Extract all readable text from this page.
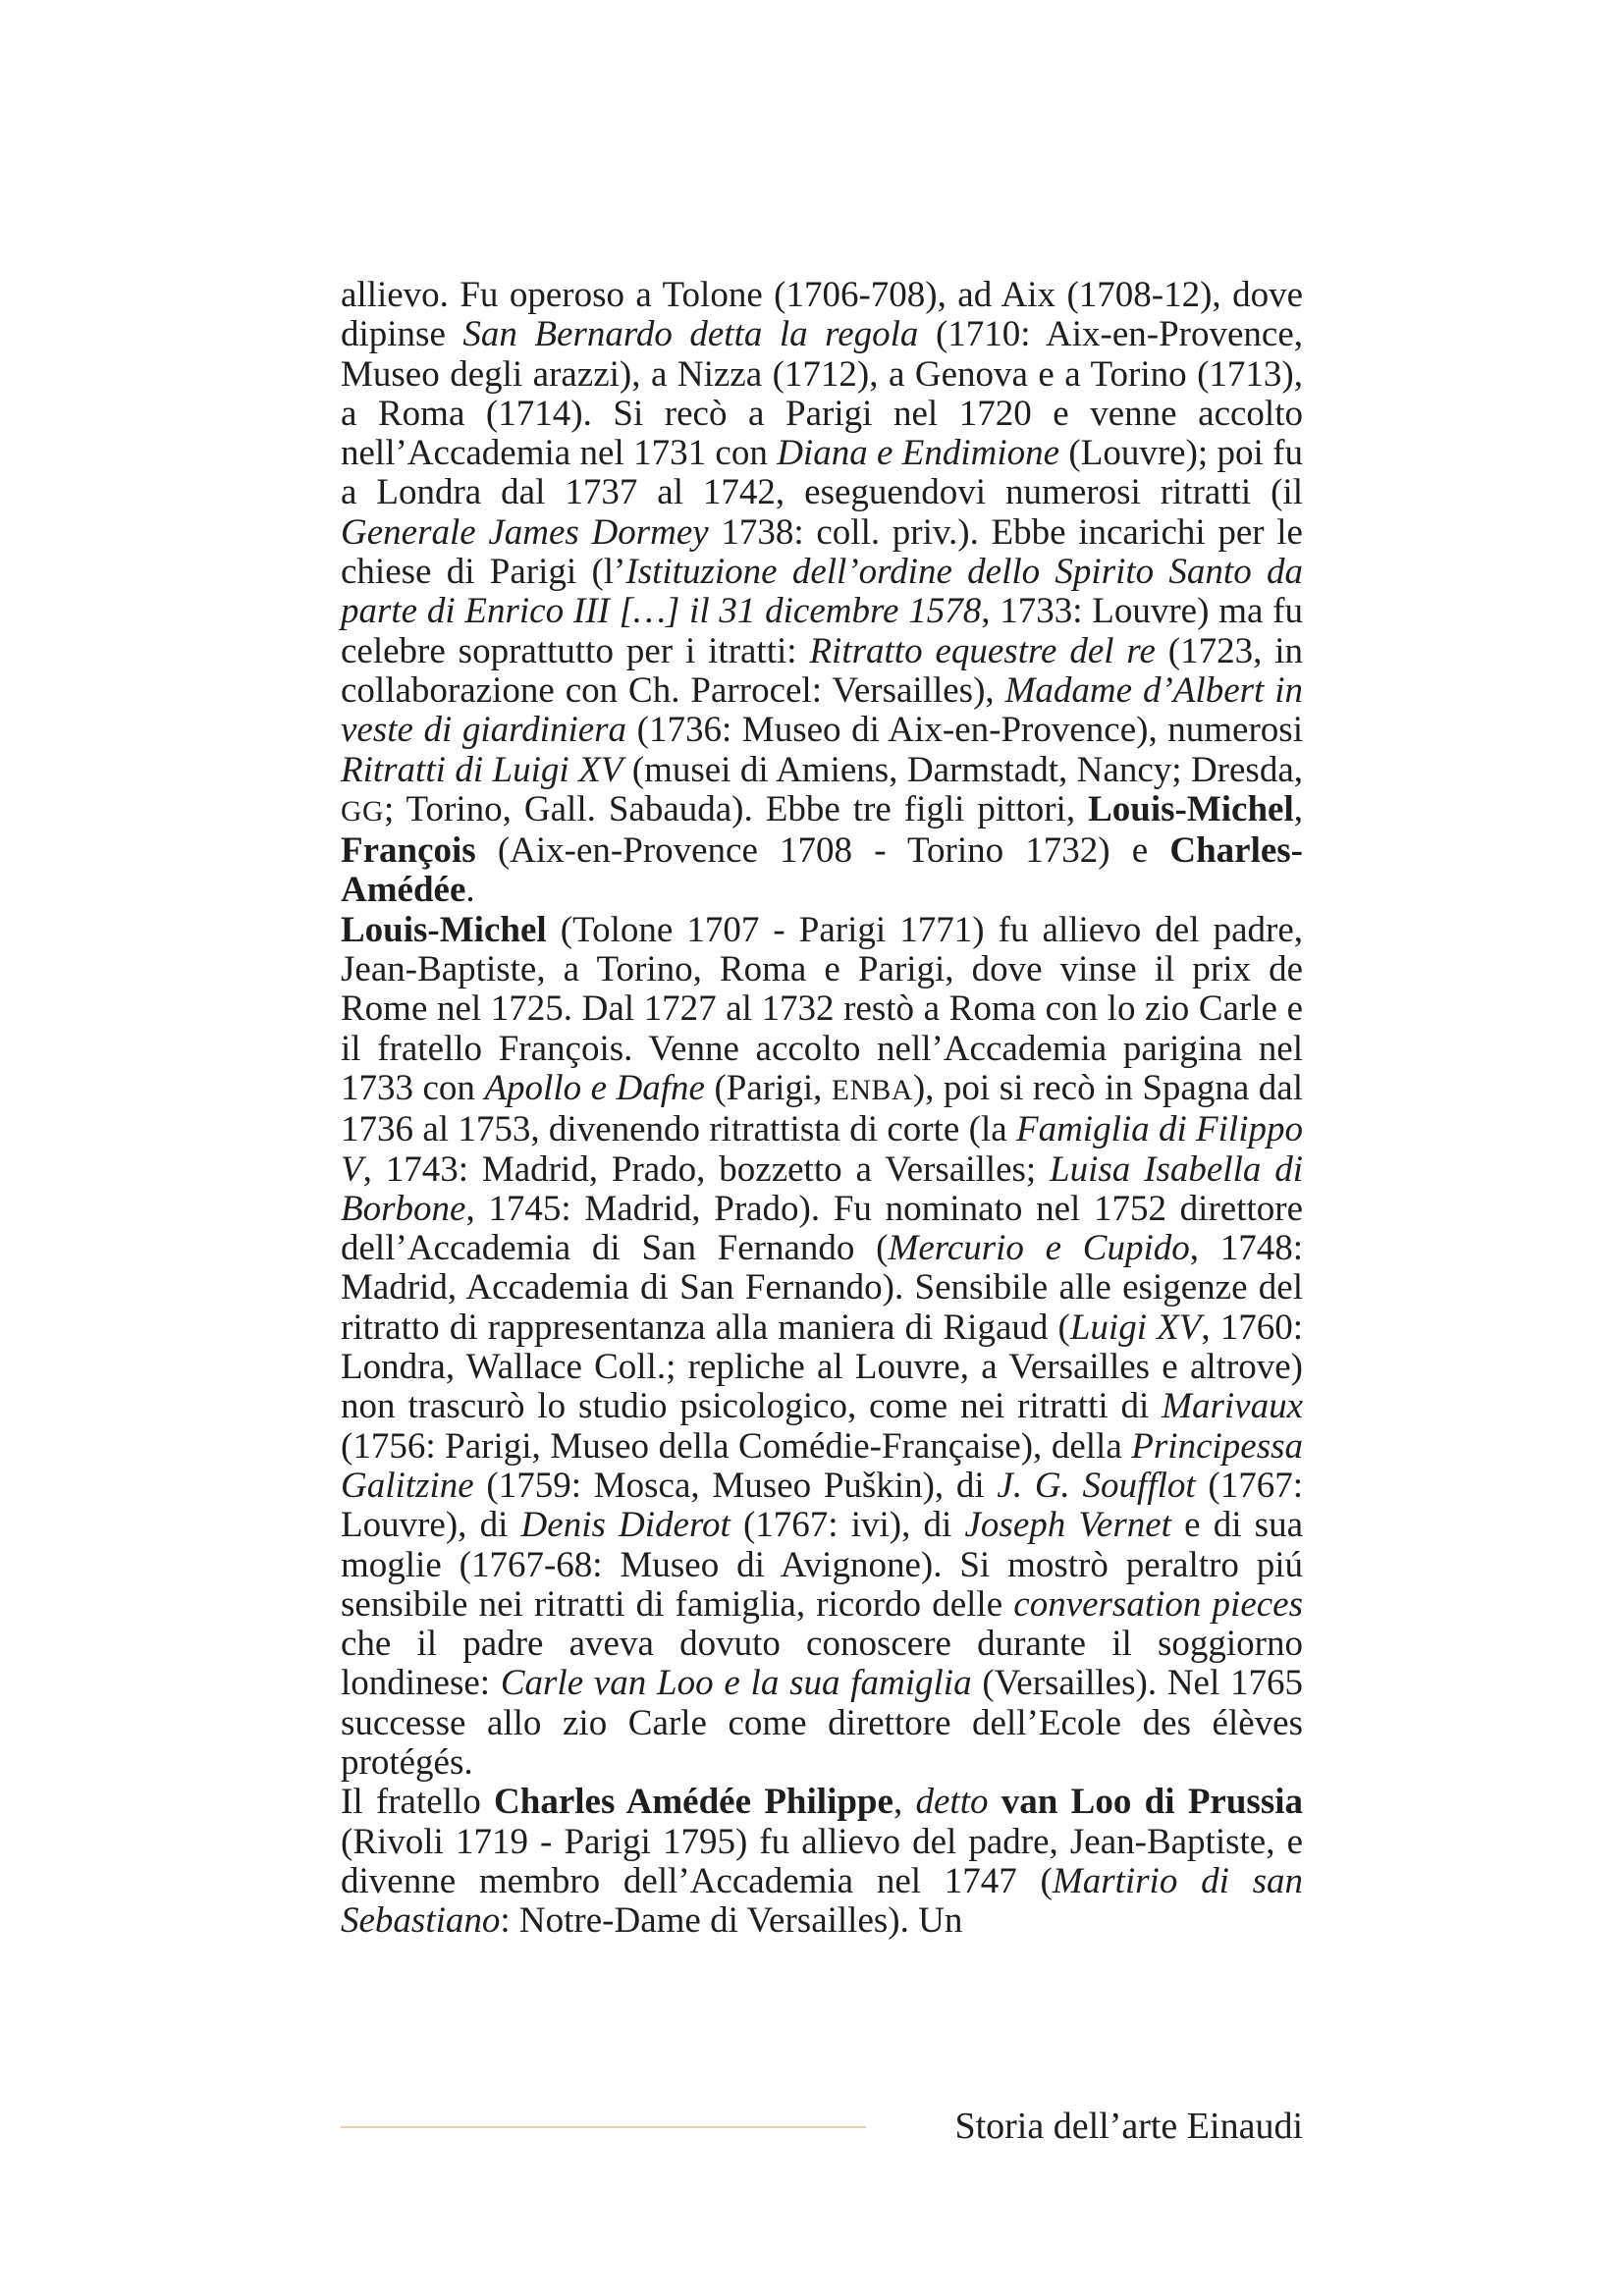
allievo. Fu operoso a Tolone (1706-708), ad Aix (1708-12), dove dipinse San Bernardo detta la regola (1710: Aix-en-Provence, Museo degli arazzi), a Nizza (1712), a Genova e a Torino (1713), a Roma (1714). Si recò a Parigi nel 1720 e venne accolto nell’Accademia nel 1731 con Diana e Endimione (Louvre); poi fu a Londra dal 1737 al 1742, eseguendovi numerosi ritratti (il Generale James Dormey 1738: coll. priv.). Ebbe incarichi per le chiese di Parigi (l’Istituzione dell’ordine dello Spirito Santo da parte di Enrico III […] il 31 dicembre 1578, 1733: Louvre) ma fu celebre soprattutto per i itratti: Ritratto equestre del re (1723, in collaborazione con Ch. Parrocel: Versailles), Madame d’Albert in veste di giardiniera (1736: Museo di Aix-en-Provence), numerosi Ritratti di Luigi XV (musei di Amiens, Darmstadt, Nancy; Dresda, GG; Torino, Gall. Sabauda). Ebbe tre figli pittori, Louis-Michel, François (Aix-en-Provence 1708 - Torino 1732) e Charles-Amédée.

Louis-Michel (Tolone 1707 - Parigi 1771) fu allievo del padre, Jean-Baptiste, a Torino, Roma e Parigi, dove vinse il prix de Rome nel 1725. Dal 1727 al 1732 restò a Roma con lo zio Carle e il fratello François. Venne accolto nell’Accademia parigina nel 1733 con Apollo e Dafne (Parigi, ENBA), poi si recò in Spagna dal 1736 al 1753, divenendo ritrattista di corte (la Famiglia di Filippo V, 1743: Madrid, Prado, bozzetto a Versailles; Luisa Isabella di Borbone, 1745: Madrid, Prado). Fu nominato nel 1752 direttore dell’Accademia di San Fernando (Mercurio e Cupido, 1748: Madrid, Accademia di San Fernando). Sensibile alle esigenze del ritratto di rappresentanza alla maniera di Rigaud (Luigi XV, 1760: Londra, Wallace Coll.; repliche al Louvre, a Versailles e altrove) non trascurò lo studio psicologico, come nei ritratti di Marivaux (1756: Parigi, Museo della Comédie-Française), della Principessa Galitzine (1759: Mosca, Museo Puškin), di J. G. Soufflot (1767: Louvre), di Denis Diderot (1767: ivi), di Joseph Vernet e di sua moglie (1767-68: Museo di Avignone). Si mostrò peraltro piú sensibile nei ritratti di famiglia, ricordo delle conversation pieces che il padre aveva dovuto conoscere durante il soggiorno londinese: Carle van Loo e la sua famiglia (Versailles). Nel 1765 successe allo zio Carle come direttore dell’Ecole des élèves protégés.

Il fratello Charles Amédée Philippe, detto van Loo di Prussia (Rivoli 1719 - Parigi 1795) fu allievo del padre, Jean-Baptiste, e divenne membro dell’Accademia nel 1747 (Martirio di san Sebastiano: Notre-Dame di Versailles). Un

Storia dell’arte Einaudi
